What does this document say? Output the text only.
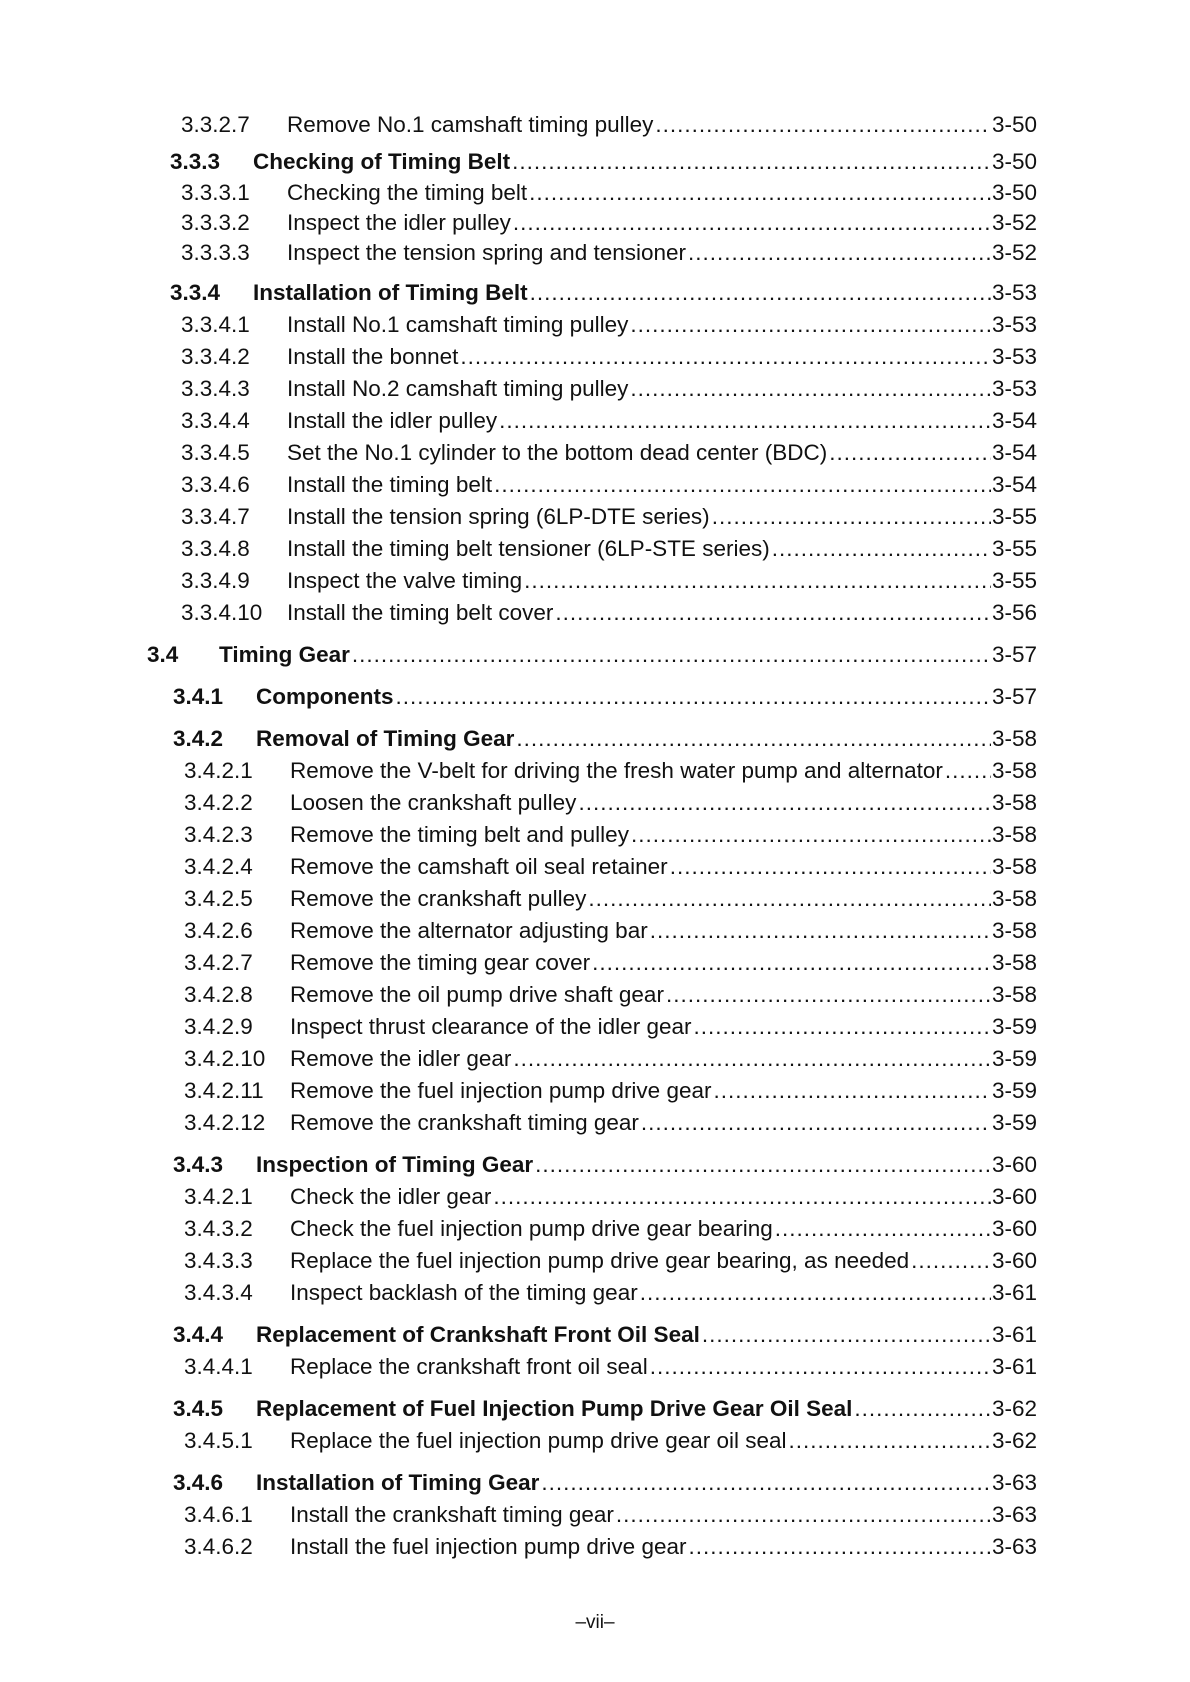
3.3.2.7	Remove No.1 camshaft timing pulley .....	3-50
3.3.3	Checking of Timing Belt .....	3-50
3.3.3.1	Checking the timing belt .....	3-50
3.3.3.2	Inspect the idler pulley .....	3-52
3.3.3.3	Inspect the tension spring and tensioner .....	3-52
3.3.4	Installation of Timing Belt .....	3-53
3.3.4.1	Install No.1 camshaft timing pulley .....	3-53
3.3.4.2	Install the bonnet .....	3-53
3.3.4.3	Install No.2 camshaft timing pulley .....	3-53
3.3.4.4	Install the idler pulley .....	3-54
3.3.4.5	Set the No.1 cylinder to the bottom dead center (BDC) .....	3-54
3.3.4.6	Install the timing belt .....	3-54
3.3.4.7	Install the tension spring (6LP-DTE series) .....	3-55
3.3.4.8	Install the timing belt tensioner (6LP-STE series) .....	3-55
3.3.4.9	Inspect the valve timing .....	3-55
3.3.4.10	Install the timing belt cover .....	3-56
3.4	Timing Gear .....	3-57
3.4.1	Components .....	3-57
3.4.2	Removal of Timing Gear .....	3-58
3.4.2.1	Remove the V-belt for driving the fresh water pump and alternator ..... 3-58
3.4.2.2	Loosen the crankshaft pulley .....	3-58
3.4.2.3	Remove the timing belt and pulley .....	3-58
3.4.2.4	Remove the camshaft oil seal retainer .....	3-58
3.4.2.5	Remove the crankshaft pulley .....	3-58
3.4.2.6	Remove the alternator adjusting bar .....	3-58
3.4.2.7	Remove the timing gear cover .....	3-58
3.4.2.8	Remove the oil pump drive shaft gear .....	3-58
3.4.2.9	Inspect thrust clearance of the idler gear .....	3-59
3.4.2.10	Remove the idler gear .....	3-59
3.4.2.11	Remove the fuel injection pump drive gear .....	3-59
3.4.2.12	Remove the crankshaft timing gear .....	3-59
3.4.3	Inspection of Timing Gear .....	3-60
3.4.2.1	Check the idler gear .....	3-60
3.4.3.2	Check the fuel injection pump drive gear bearing .....	3-60
3.4.3.3	Replace the fuel injection pump drive gear bearing, as needed .....	3-60
3.4.3.4	Inspect backlash of the timing gear .....	3-61
3.4.4	Replacement of Crankshaft Front Oil Seal .....	3-61
3.4.4.1	Replace the crankshaft front oil seal .....	3-61
3.4.5	Replacement of Fuel Injection Pump Drive Gear Oil Seal .....	3-62
3.4.5.1	Replace the fuel injection pump drive gear oil seal .....	3-62
3.4.6	Installation of Timing Gear .....	3-63
3.4.6.1	Install the crankshaft timing gear .....	3-63
3.4.6.2	Install the fuel injection pump drive gear .....	3-63
–vii–
